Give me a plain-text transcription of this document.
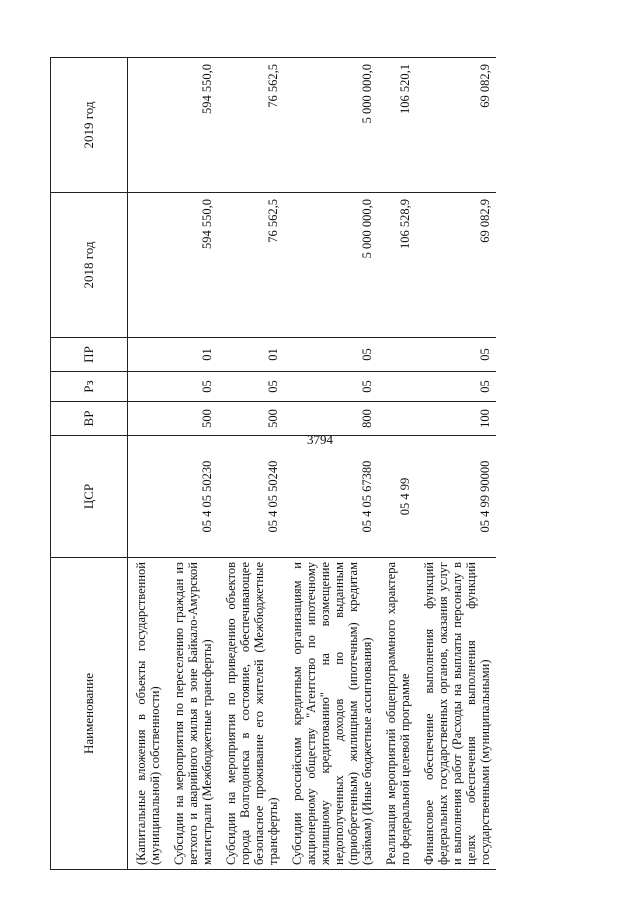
3794
Наименование	ЦСР	ВР	Рз	ПР	2018 год	2019 год
(Капитальные вложения в объекты государственной (муниципальной) собственности)						
Субсидии на мероприятия по переселению граждан из ветхого и аварийного жилья в зоне Байкало-Амурской магистрали (Межбюджетные трансферты)	05 4 05 50230	500	05	01	594 550,0	594 550,0
Субсидии на мероприятия по приведению объектов города Волгодонска в состояние, обеспечивающее безопасное проживание его жителей (Межбюджетные трансферты)	05 4 05 50240	500	05	01	76 562,5	76 562,5
Субсидии российским кредитным организациям и акционерному обществу "Агентство по ипотечному жилищному кредитованию" на возмещение недополученных доходов по выданным (приобретенным) жилищным (ипотечным) кредитам (займам) (Иные бюджетные ассигнования)	05 4 05 67380	800	05	05	5 000 000,0	5 000 000,0
Реализация мероприятий общепрограммного характера по федеральной целевой программе	05 4 99				106 528,9	106 520,1
Финансовое обеспечение выполнения функций федеральных государственных органов, оказания услуг и выполнения работ (Расходы на выплаты персоналу в целях обеспечения выполнения функций государственными (муниципальными)	05 4 99 90000	100	05	05	69 082,9	69 082,9
